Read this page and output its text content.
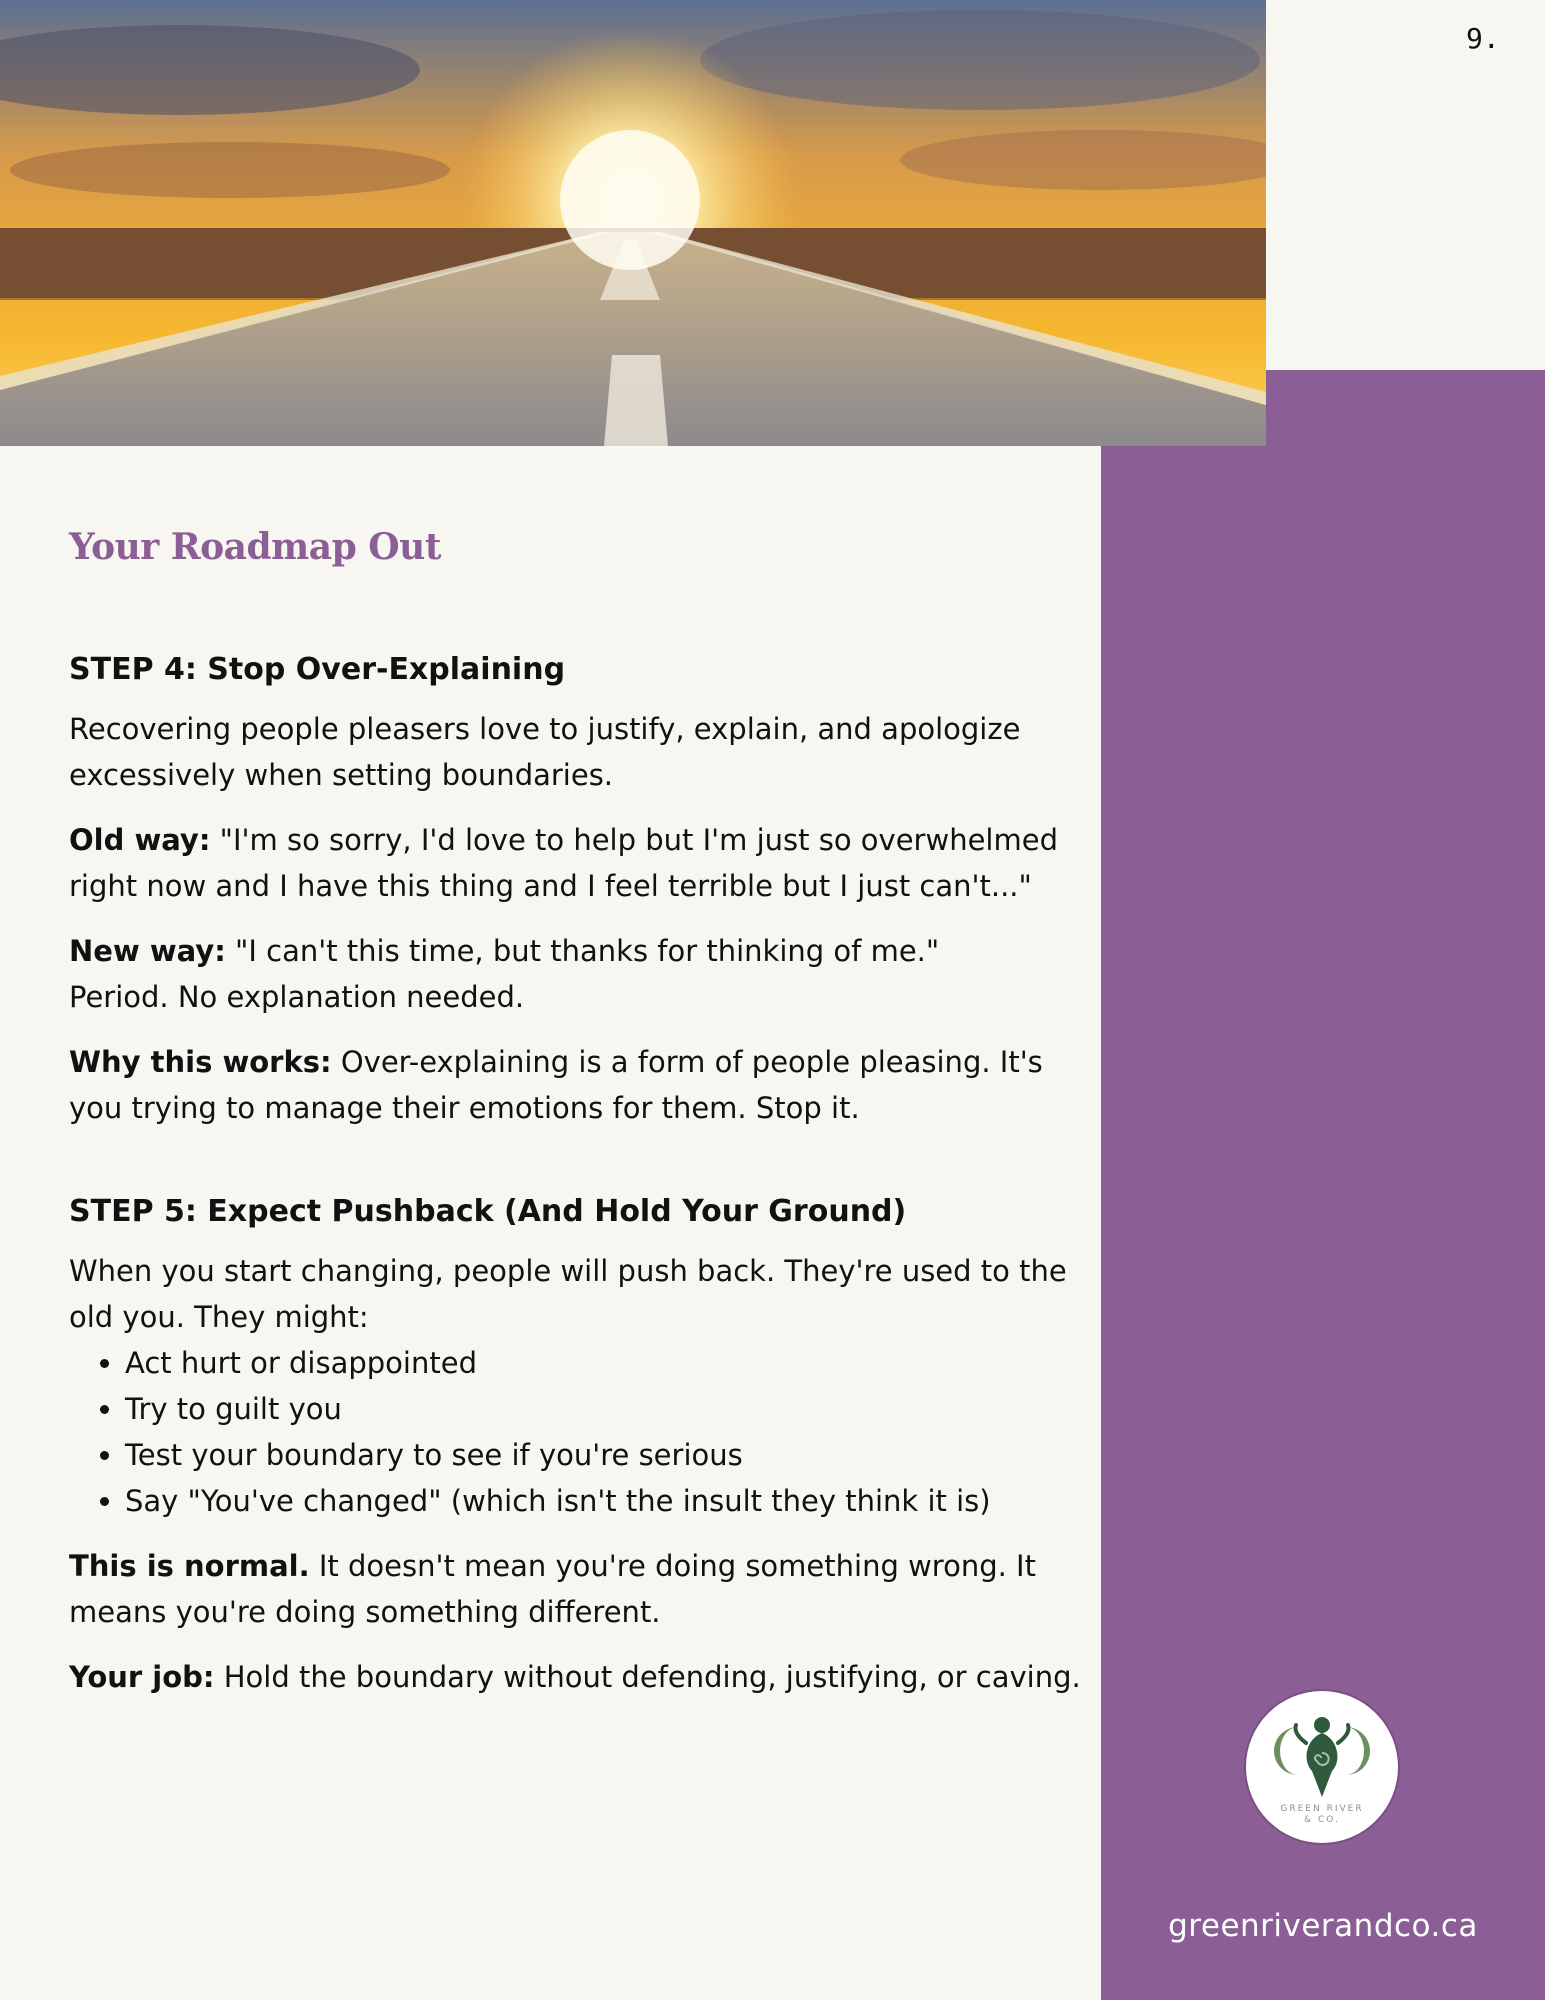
9.
Your Roadmap Out
STEP 4: Stop Over-Explaining

Recovering people pleasers love to justify, explain, and apologize excessively when setting boundaries.

Old way: "I'm so sorry, I'd love to help but I'm just so overwhelmed right now and I have this thing and I feel terrible but I just can't..."

New way: "I can't this time, but thanks for thinking of me."
Period. No explanation needed.

Why this works: Over-explaining is a form of people pleasing. It's you trying to manage their emotions for them. Stop it.

STEP 5: Expect Pushback (And Hold Your Ground)

When you start changing, people will push back. They're used to the old you. They might:

• Act hurt or disappointed
• Try to guilt you
• Test your boundary to see if you're serious
• Say "You've changed" (which isn't the insult they think it is)

This is normal. It doesn't mean you're doing something wrong. It means you're doing something different.

Your job: Hold the boundary without defending, justifying, or caving.

GREEN RIVER
& CO.
greenriverandco.ca
